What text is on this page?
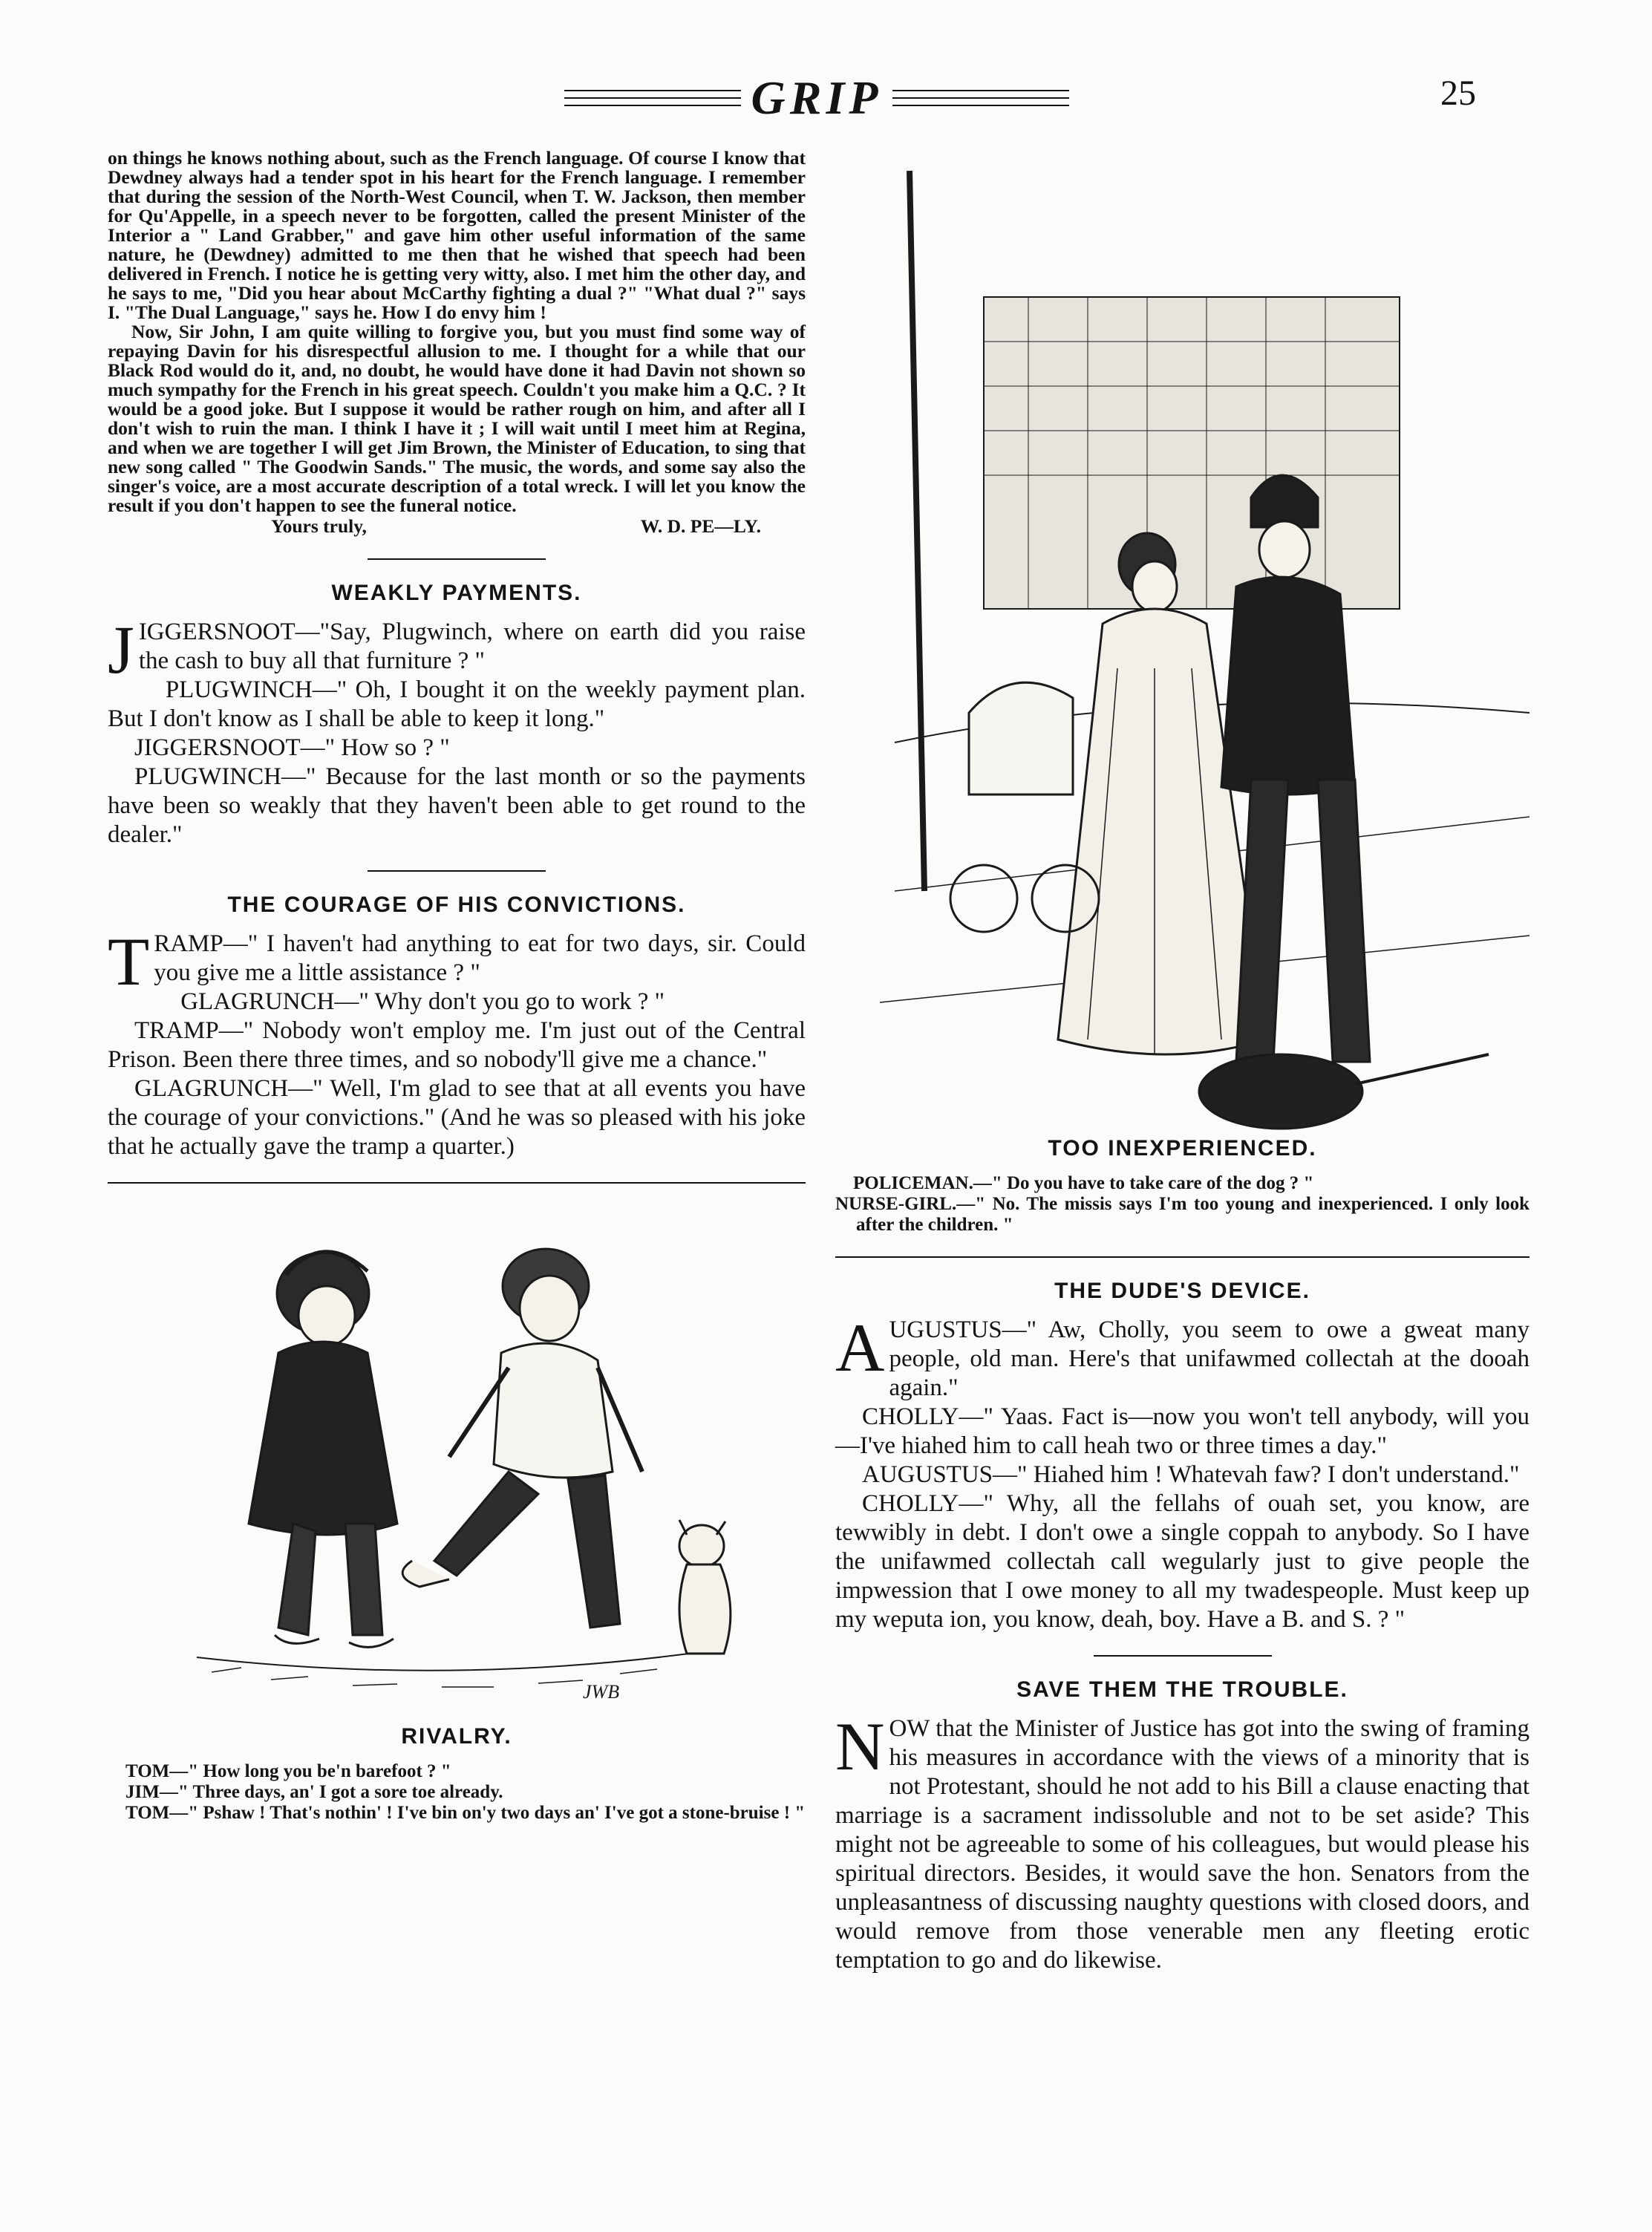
GRIP	25

on things he knows nothing about, such as the French language. Of course I know that Dewdney always had a tender spot in his heart for the French language. I remember that during the session of the North-West Council, when T. W. Jackson, then member for Qu'Appelle, in a speech never to be forgotten, called the present Minister of the Interior a " Land Grabber," and gave him other useful information of the same nature, he (Dewdney) admitted to me then that he wished that speech had been delivered in French. I notice he is getting very witty, also. I met him the other day, and he says to me, "Did you hear about McCarthy fighting a dual ?" "What dual ?" says I. "The Dual Language," says he. How I do envy him !

Now, Sir John, I am quite willing to forgive you, but you must find some way of repaying Davin for his disrespectful allusion to me. I thought for a while that our Black Rod would do it, and, no doubt, he would have done it had Davin not shown so much sympathy for the French in his great speech. Couldn't you make him a Q.C. ? It would be a good joke. But I suppose it would be rather rough on him, and after all I don't wish to ruin the man. I think I have it ; I will wait until I meet him at Regina, and when we are together I will get Jim Brown, the Minister of Education, to sing that new song called " The Goodwin Sands." The music, the words, and some say also the singer's voice, are a most accurate description of a total wreck. I will let you know the result if you don't happen to see the funeral notice.

Yours truly,	W. D. PE—LY.
WEAKLY PAYMENTS.

JIGGERSNOOT—"Say, Plugwinch, where on earth did you raise the cash to buy all that furniture ? "

PLUGWINCH—" Oh, I bought it on the weekly payment plan. But I don't know as I shall be able to keep it long."

JIGGERSNOOT—" How so ? "

PLUGWINCH—" Because for the last month or so the payments have been so weakly that they haven't been able to get round to the dealer."

THE COURAGE OF HIS CONVICTIONS.

TRAMP—" I haven't had anything to eat for two days, sir. Could you give me a little assistance ? "

GLAGRUNCH—" Why don't you go to work ? "

TRAMP—" Nobody won't employ me. I'm just out of the Central Prison. Been there three times, and so nobody'll give me a chance."

GLAGRUNCH—" Well, I'm glad to see that at all events you have the courage of your convictions." (And he was so pleased with his joke that he actually gave the tramp a quarter.)

JWB
RIVALRY.

TOM—" How long you be'n barefoot ? "

JIM—" Three days, an' I got a sore toe already.

TOM—" Pshaw ! That's nothin' ! I've bin on'y two days an' I've got a stone-bruise ! "

TOO INEXPERIENCED.

POLICEMAN.—" Do you have to take care of the dog ? "

NURSE-GIRL.—" No. The missis says I'm too young and inexperienced. I only look after the children. "

THE DUDE'S DEVICE.

AUGUSTUS—" Aw, Cholly, you seem to owe a gweat many people, old man. Here's that unifawmed collectah at the dooah again."

CHOLLY—" Yaas. Fact is—now you won't tell anybody, will you—I've hiahed him to call heah two or three times a day."

AUGUSTUS—" Hiahed him ! Whatevah faw? I don't understand."

CHOLLY—" Why, all the fellahs of ouah set, you know, are tewwibly in debt. I don't owe a single coppah to anybody. So I have the unifawmed collectah call wegularly just to give people the impwession that I owe money to all my twadespeople. Must keep up my weputa ion, you know, deah, boy. Have a B. and S. ? "

SAVE THEM THE TROUBLE.

NOW that the Minister of Justice has got into the swing of framing his measures in accordance with the views of a minority that is not Protestant, should he not add to his Bill a clause enacting that marriage is a sacrament indissoluble and not to be set aside? This might not be agreeable to some of his colleagues, but would please his spiritual directors. Besides, it would save the hon. Senators from the unpleasantness of discussing naughty questions with closed doors, and would remove from those venerable men any fleeting erotic temptation to go and do likewise.
